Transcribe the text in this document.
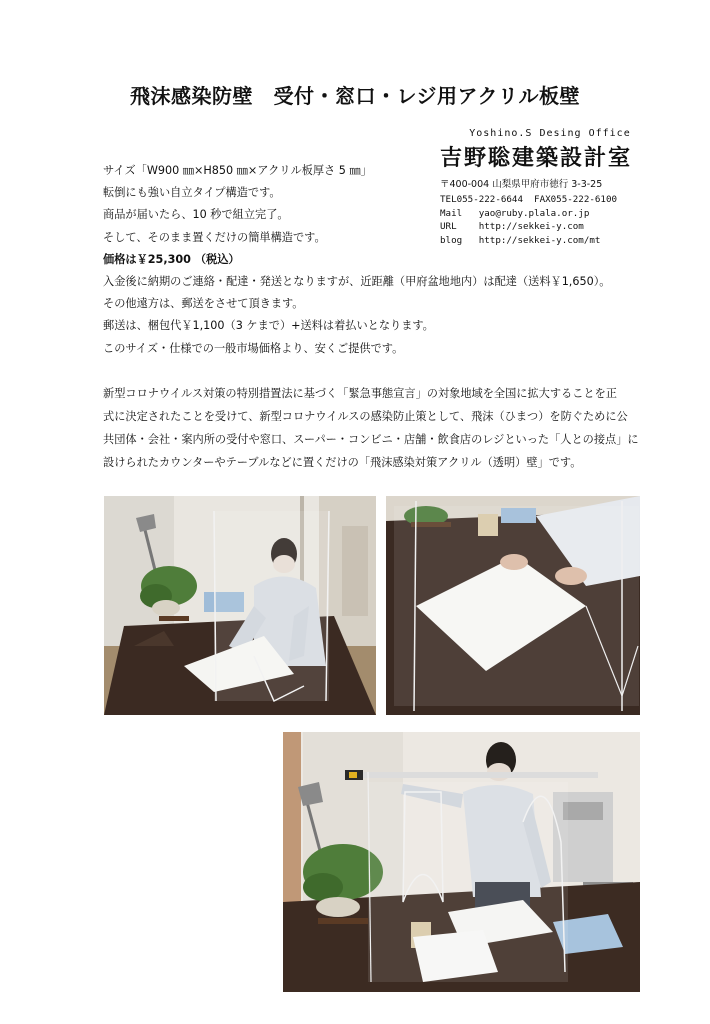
飛沫感染防壁　受付・窓口・レジ用アクリル板壁
Yoshino.S Desing Office
吉野聡建築設計室
〒400-004 山梨県甲府市徳行 3-3-25
TEL055-222-6644  FAX055-222-6100
Mail   yao@ruby.plala.or.jp
URL    http://sekkei-y.com
blog   http://sekkei-y.com/mt
サイズ「W900 ㎜×H850 ㎜×アクリル板厚さ 5 ㎜」
転倒にも強い自立タイプ構造です。
商品が届いたら、10 秒で組立完了。
そして、そのまま置くだけの簡単構造です。
価格は￥25,300 （税込）
入金後に納期のご連絡・配達・発送となりますが、近距離（甲府盆地地内）は配達（送料￥1,650）。
その他遠方は、郵送をさせて頂きます。
郵送は、梱包代￥1,100（3 ケまで）+送料は着払いとなります。
このサイズ・仕様での一般市場価格より、安くご提供です。
新型コロナウイルス対策の特別措置法に基づく「緊急事態宣言」の対象地域を全国に拡大することを正
式に決定されたことを受けて、新型コロナウイルスの感染防止策として、飛沫（ひまつ）を防ぐために公
共団体・会社・案内所の受付や窓口、スーパー・コンビニ・店舗・飲食店のレジといった「人との接点」に
設けられたカウンターやテーブルなどに置くだけの「飛沫感染対策アクリル（透明）壁」です。
